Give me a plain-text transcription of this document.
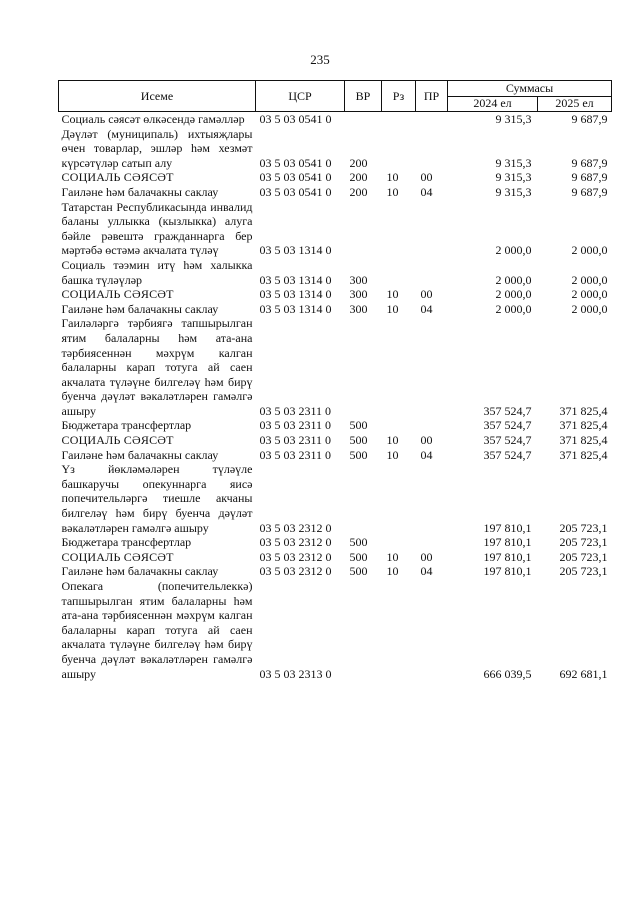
235
Исеме	ЦСР	ВР	Рз	ПР	Суммасы	
					2024 ел	2025 ел
Социаль сәясәт өлкәсендә гамәлләр	03 5 03 0541 0				9 315,3	9 687,9
Дәүләт (муниципаль) ихтыяҗлары өчен товарлар, эшләр һәм хезмәт күрсәтүләр сатып алу	03 5 03 0541 0	200			9 315,3	9 687,9
СОЦИАЛЬ СӘЯСӘТ	03 5 03 0541 0	200	10	00	9 315,3	9 687,9
Гаиләне һәм балачакны саклау	03 5 03 0541 0	200	10	04	9 315,3	9 687,9
Татарстан Республикасында инвалид баланы уллыкка (кызлыкка) алуга бәйле рәвештә гражданнарга бер мәртәбә өстәмә акчалата түләү	03 5 03 1314 0				2 000,0	2 000,0
Социаль тәэмин итү һәм халыкка башка түләүләр	03 5 03 1314 0	300			2 000,0	2 000,0
СОЦИАЛЬ СӘЯСӘТ	03 5 03 1314 0	300	10	00	2 000,0	2 000,0
Гаиләне һәм балачакны саклау	03 5 03 1314 0	300	10	04	2 000,0	2 000,0
Гаиләләргә тәрбиягә тапшырылган ятим балаларны һәм ата-ана тәрбиясеннән мәхрүм калган балаларны карап тотуга ай саен акчалата түләүне билгеләү һәм бирү буенча дәүләт вәкаләтләрен гамәлгә ашыру	03 5 03 2311 0				357 524,7	371 825,4
Бюджетара трансфертлар	03 5 03 2311 0	500			357 524,7	371 825,4
СОЦИАЛЬ СӘЯСӘТ	03 5 03 2311 0	500	10	00	357 524,7	371 825,4
Гаиләне һәм балачакны саклау	03 5 03 2311 0	500	10	04	357 524,7	371 825,4
Үз йөкләмәләрен түләүле башкаручы опекуннарга яисә попечительләргә тиешле акчаны билгеләү һәм бирү буенча дәүләт вәкаләтләрен гамәлгә ашыру	03 5 03 2312 0				197 810,1	205 723,1
Бюджетара трансфертлар	03 5 03 2312 0	500			197 810,1	205 723,1
СОЦИАЛЬ СӘЯСӘТ	03 5 03 2312 0	500	10	00	197 810,1	205 723,1
Гаиләне һәм балачакны саклау	03 5 03 2312 0	500	10	04	197 810,1	205 723,1
Опекага (попечительлеккә) тапшырылган ятим балаларны һәм ата-ана тәрбиясеннән мәхрүм калган балаларны карап тотуга ай саен акчалата түләүне билгеләү һәм бирү буенча дәүләт вәкаләтләрен гамәлгә ашыру	03 5 03 2313 0				666 039,5	692 681,1
